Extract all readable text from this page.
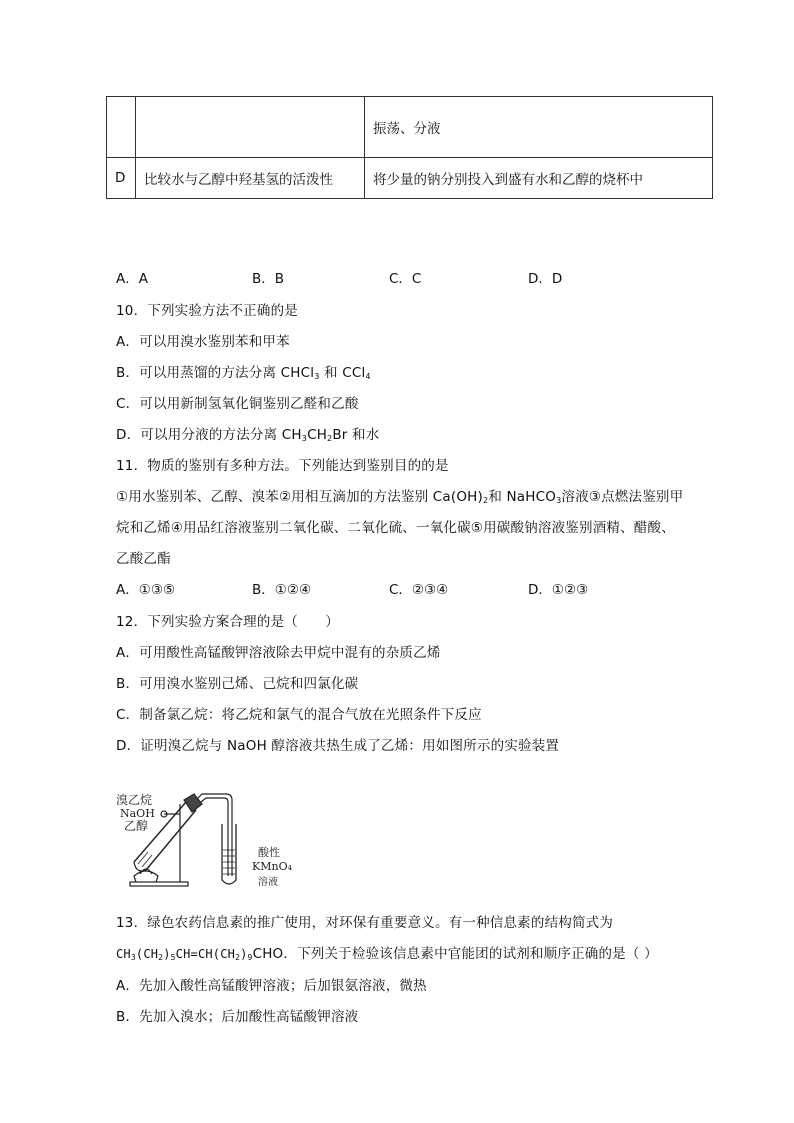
		振荡、分液
D	比较水与乙醇中羟基氢的活泼性	将少量的钠分别投入到盛有水和乙醇的烧杯中
A．A	B．B	C．C	D．D
10．下列实验方法不正确的是
A．可以用溴水鉴别苯和甲苯
B．可以用蒸馏的方法分离 CHCl$_3$ 和 CCl$_4$
C．可以用新制氢氧化铜鉴别乙醛和乙酸
D．可以用分液的方法分离 $CH_3CH_2Br$ 和水
11．物质的鉴别有多种方法。下列能达到鉴别目的的是
①用水鉴别苯、乙醇、溴苯②用相互滴加的方法鉴别 $Ca(OH)_2$和 NaHCO$_3$溶液③点燃法鉴别甲
烷和乙烯④用品红溶液鉴别二氧化碳、二氧化硫、一氧化碳⑤用碳酸钠溶液鉴别酒精、醋酸、
乙酸乙酯
A．①③⑤	B．①②④	C．②③④	D．①②③
12．下列实验方案合理的是（　　）
A．可用酸性高锰酸钾溶液除去甲烷中混有的杂质乙烯
B．可用溴水鉴别己烯、己烷和四氯化碳
C．制备氯乙烷：将乙烷和氯气的混合气放在光照条件下反应
D．证明溴乙烷与 NaOH 醇溶液共热生成了乙烯：用如图所示的实验装置
溴乙烷
NaOH
乙醇
酸性
KMnO₄
溶液
13．绿色农药信息素的推广使用，对环保有重要意义。有一种信息素的结构简式为
$CH_3(CH_2)_5CH=CH(CH_2)_9CHO$．下列关于检验该信息素中官能团的试剂和顺序正确的是（ ）
A．先加入酸性高锰酸钾溶液；后加银氨溶液，微热
B．先加入溴水；后加酸性高锰酸钾溶液
